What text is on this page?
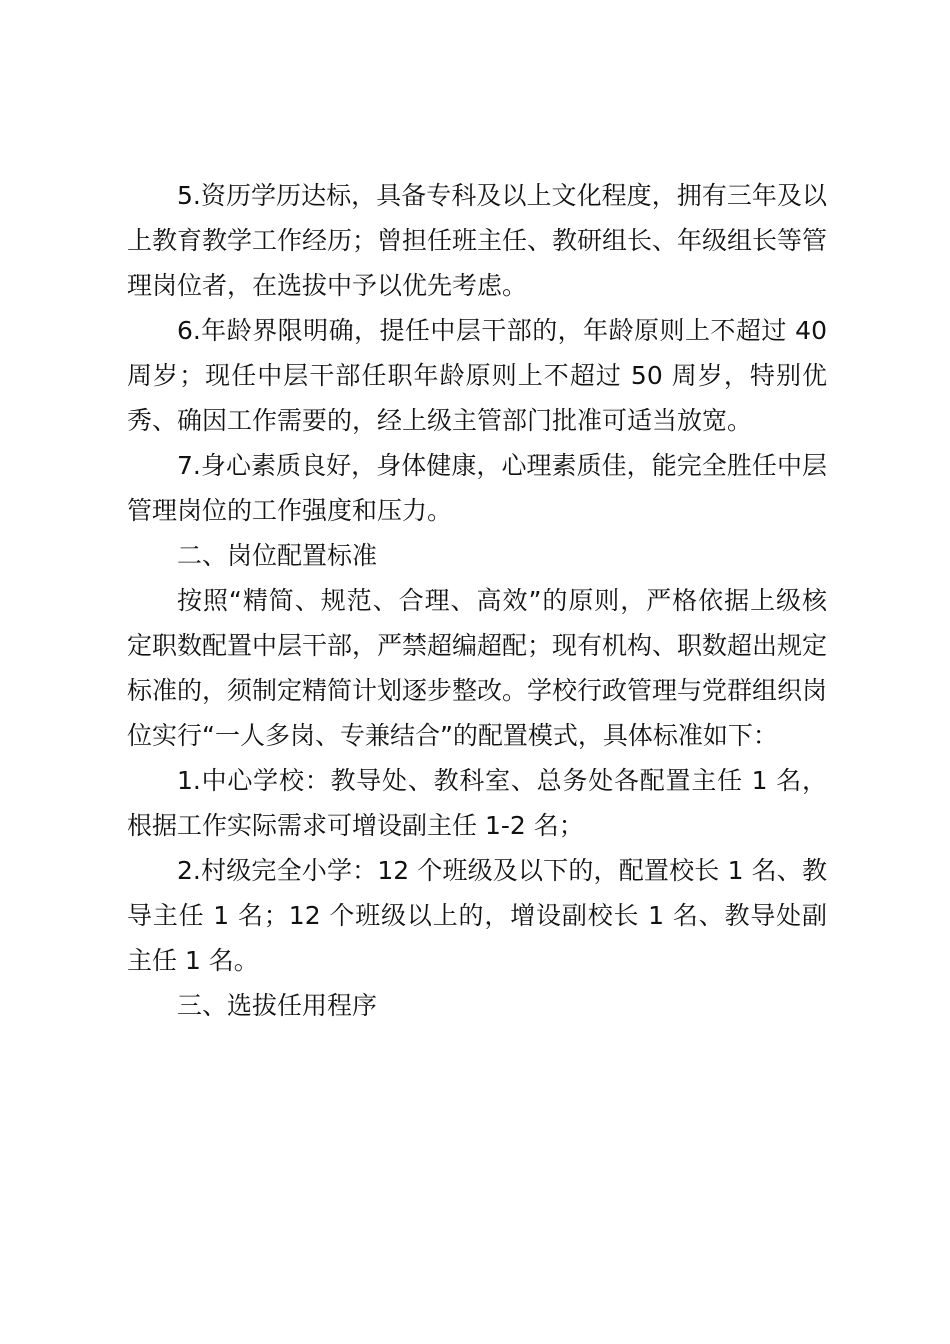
5.资历学历达标，具备专科及以上文化程度，拥有三年及以上教育教学工作经历；曾担任班主任、教研组长、年级组长等管理岗位者，在选拔中予以优先考虑。

6.年龄界限明确，提任中层干部的，年龄原则上不超过 40 周岁；现任中层干部任职年龄原则上不超过 50 周岁，特别优秀、确因工作需要的，经上级主管部门批准可适当放宽。

7.身心素质良好，身体健康，心理素质佳，能完全胜任中层管理岗位的工作强度和压力。

二、岗位配置标准

按照“精简、规范、合理、高效”的原则，严格依据上级核定职数配置中层干部，严禁超编超配；现有机构、职数超出规定标准的，须制定精简计划逐步整改。学校行政管理与党群组织岗位实行“一人多岗、专兼结合”的配置模式，具体标准如下：

1.中心学校：教导处、教科室、总务处各配置主任 1 名，根据工作实际需求可增设副主任 1-2 名；

2.村级完全小学：12 个班级及以下的，配置校长 1 名、教导主任 1 名；12 个班级以上的，增设副校长 1 名、教导处副主任 1 名。

三、选拔任用程序
